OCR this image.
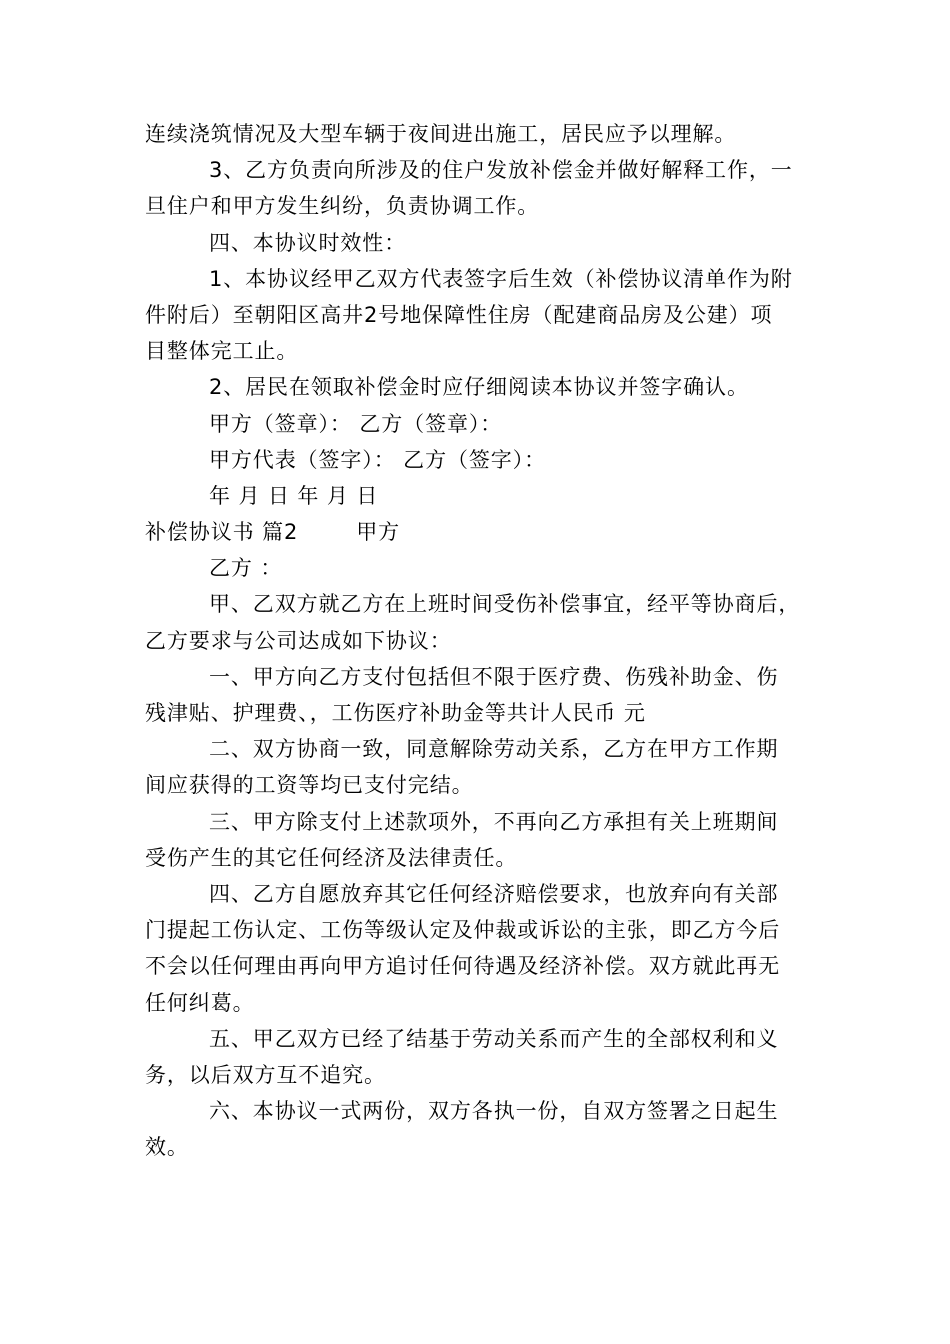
连续浇筑情况及大型车辆于夜间进出施工，居民应予以理解。
3、乙方负责向所涉及的住户发放补偿金并做好解释工作，一
旦住户和甲方发生纠纷，负责协调工作。
四、本协议时效性：
1、本协议经甲乙双方代表签字后生效（补偿协议清单作为附
件附后）至朝阳区高井2号地保障性住房（配建商品房及公建）项
目整体完工止。
2、居民在领取补偿金时应仔细阅读本协议并签字确认。
甲方（签章）： 乙方（签章）：
甲方代表（签字）： 乙方（签字）：
年 月 日 年 月 日
补偿协议书 篇2	甲方
乙方 ：
甲、乙双方就乙方在上班时间受伤补偿事宜，经平等协商后，
乙方要求与公司达成如下协议：
一、甲方向乙方支付包括但不限于医疗费、伤残补助金、伤
残津贴、护理费、，工伤医疗补助金等共计人民币 元
二、双方协商一致，同意解除劳动关系，乙方在甲方工作期
间应获得的工资等均已支付完结。
三、甲方除支付上述款项外，不再向乙方承担有关上班期间
受伤产生的其它任何经济及法律责任。
四、乙方自愿放弃其它任何经济赔偿要求，也放弃向有关部
门提起工伤认定、工伤等级认定及仲裁或诉讼的主张，即乙方今后
不会以任何理由再向甲方追讨任何待遇及经济补偿。双方就此再无
任何纠葛。
五、甲乙双方已经了结基于劳动关系而产生的全部权利和义
务，以后双方互不追究。
六、本协议一式两份，双方各执一份，自双方签署之日起生
效。
